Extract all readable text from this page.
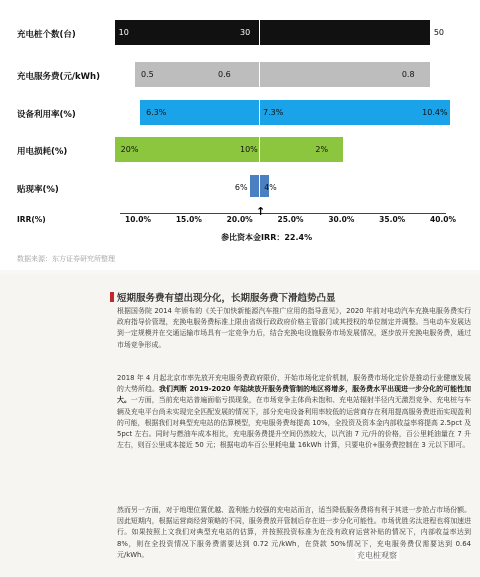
充电桩个数(台)	10	30	50
充电服务费(元/kWh)	0.5	0.6	0.8
设备利用率(%)	6.3%	7.3%	10.4%
用电损耗(%)	20%	10%	2%
贴现率(%)	6% 4%
IRR(%)	10.0%	15.0%	20.0%	25.0%	30.0%	35.0%	40.0%
↑
参比资本金IRR：22.4%
数据来源：东方证券研究所整理
短期服务费有望出现分化，长期服务费下滑趋势凸显

根据国务院 2014 年颁布的《关于加快新能源汽车推广应用的指导意见》，2020 年前对电动汽车充换电服务费实行政府指导价管理，充换电服务费标准上限由省级行政政府价格主管部门或其授权的单位制定并调整。当电动车发展达到一定规模并在交通运输市场具有一定竞争力后，结合充换电设施服务市场发展情况，逐步放开充换电服务费，通过市场竞争形成。

2018 年 4 月起北京市率先放开充电服务费政府限价，开始市场化定价机制，服务费市场化定价是推动行业健康发展的大势所趋。我们判断 2019-2020 年陆续放开服务费管制的地区将增多，服务费水平出现进一步分化的可能性加大。一方面，当前充电站普遍面临亏损现象，在市场竞争主体尚未饱和、充电站辐射半径内无激烈竞争、充电桩与车辆及充电平台尚未实现完全匹配发展的情况下，部分充电设备利用率较低的运营商存在利用提高服务费进而实现盈利的可能，根据我们对典型充电站的估算模型，充电服务费每提高 10%，全投资及资本金内部收益率将提高 2.5pct 及 5pct 左右。同时与燃油车成本相比，充电服务费提升空间仍然较大，以汽油 7 元/升的价格，百公里耗油量在 7 升左右，则百公里成本接近 50 元；根据电动车百公里耗电量 16kWh 计算，只要电价+服务费控制在 3 元以下即可。

然而另一方面，对于地理位置优越、盈利能力较强的充电站而言，适当降低服务费将有利于其进一步抢占市场份额。因此短期内，根据运营商经营策略的不同，服务费放开管制后存在进一步分化可能性。市场优胜劣汰进程也将加速进行。如果按照上文我们对典型充电站的估算，并按照投资标准为在没有政府运营补贴的情况下，内部收益率达到 8%，则在全投资情况下服务费需要达到 0.72 元/kWh，在贷款 50%情况下，充电服务费仅需要达到 0.64 元/kWh。	充电桩观察
